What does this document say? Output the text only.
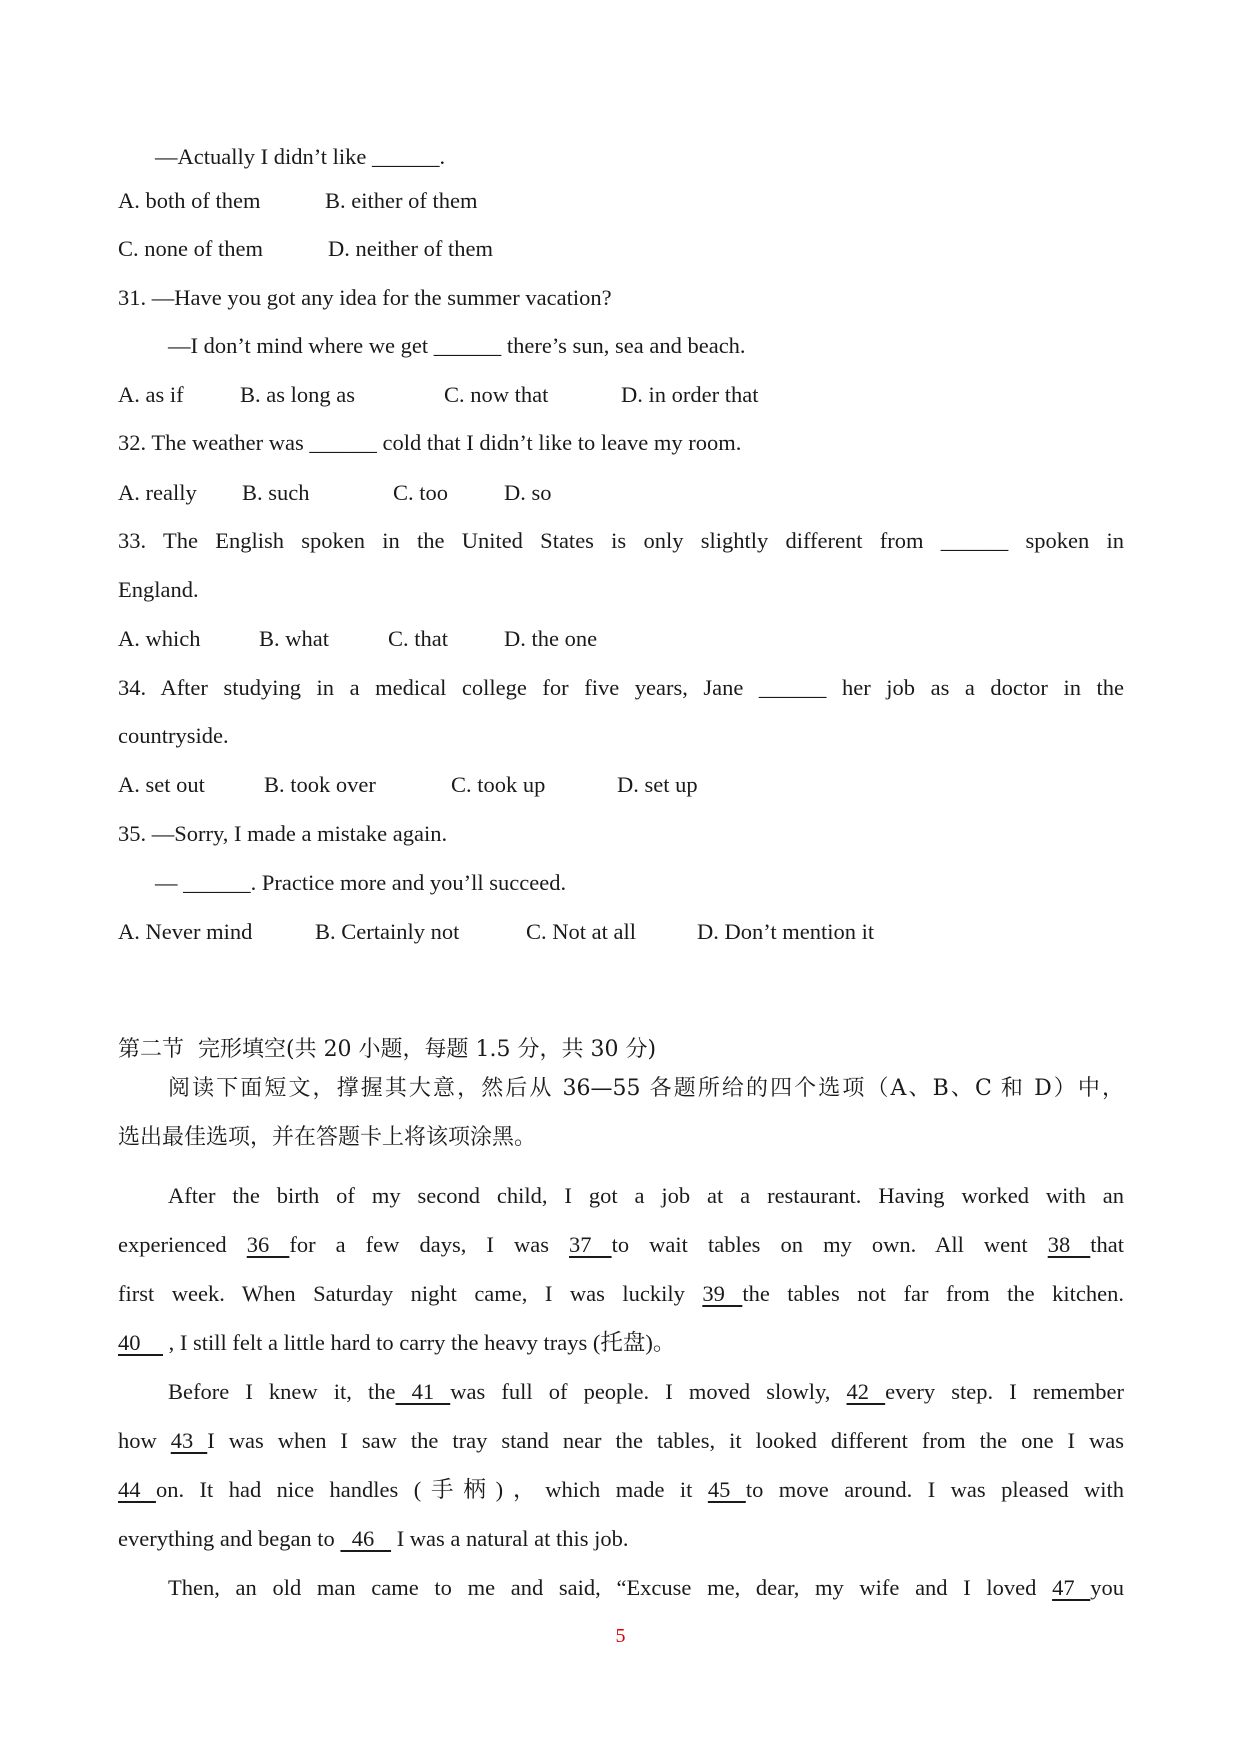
—Actually I didn’t like ______.
A. both of them	B. either of them
C. none of them	D. neither of them
31. —Have you got any idea for the summer vacation?
—I don’t mind where we get ______ there’s sun, sea and beach.
A. as if	B. as long as	C. now that	D. in order that
32. The weather was ______ cold that I didn’t like to leave my room.
A. really B. such	C. too D. so
33. The English spoken in the United States is only slightly different from ______ spoken in
England.
A. which	B. what	C. that D. the one
34. After studying in a medical college for five years, Jane ______ her job as a doctor in the
countryside.
A. set out	B. took over	C. took up	D. set up
35. —Sorry, I made a mistake again.
— ______. Practice more and you’ll succeed.
A. Never mind	B. Certainly not	C. Not at all	D. Don’t mention it
第二节  完形填空(共 20 小题，每题 1.5 分，共 30 分)
阅读下面短文，撑握其大意，然后从 36—55 各题所给的四个选项（A、B、C 和 D）中，
选出最佳选项，并在答题卡上将该项涂黑。
After the birth of my second child, I got a job at a restaurant. Having worked with an
experienced 36 for a few days, I was 37 to wait tables on my own. All went 38 that
first week. When Saturday night came, I was luckily 39 the tables not far from the kitchen.
40     , I still felt a little hard to carry the heavy trays (托盘)。
Before I knew it, the 41 was full of people. I moved slowly, 42 every step. I remember
how 43 I was when I saw the tray stand near the tables, it looked different from the one I was
44 on. It had nice handles (手柄)，which made it 45 to move around. I was pleased with
everything and began to   46    I was a natural at this job.
Then, an old man came to me and said, “Excuse me, dear, my wife and I loved 47 you
5
